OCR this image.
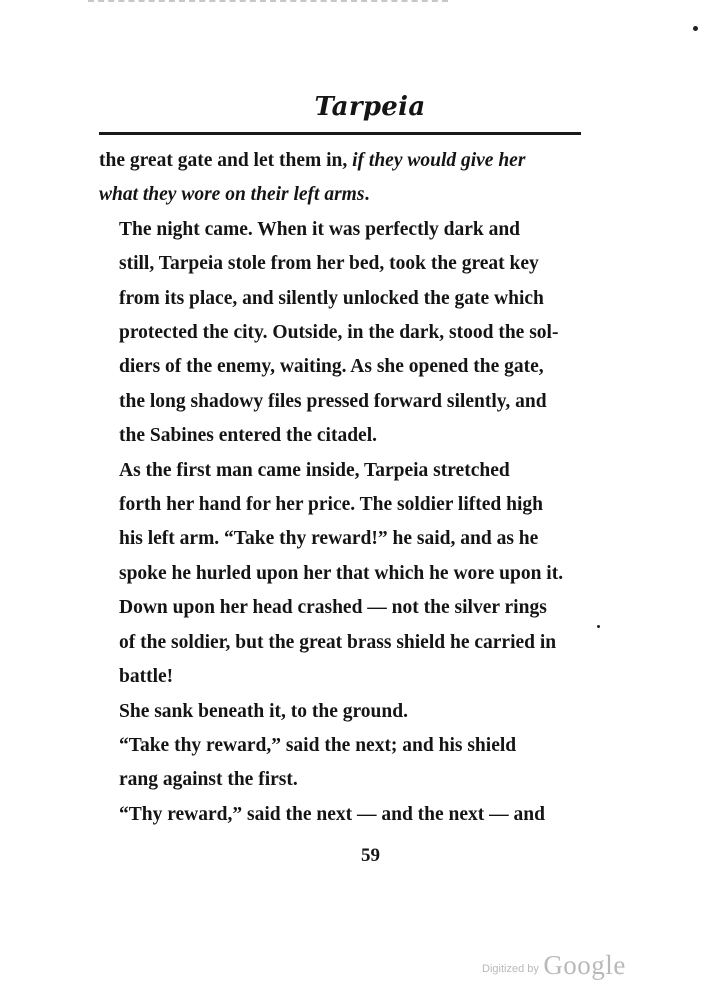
Tarpeia

the great gate and let them in, if they would give her
what they wore on their left arms.

The night came. When it was perfectly dark and
still, Tarpeia stole from her bed, took the great key
from its place, and silently unlocked the gate which
protected the city. Outside, in the dark, stood the sol-
diers of the enemy, waiting. As she opened the gate,
the long shadowy files pressed forward silently, and
the Sabines entered the citadel.

As the first man came inside, Tarpeia stretched
forth her hand for her price. The soldier lifted high
his left arm. “Take thy reward!” he said, and as he
spoke he hurled upon her that which he wore upon it.
Down upon her head crashed — not the silver rings
of the soldier, but the great brass shield he carried in
battle!

She sank beneath it, to the ground.

“Take thy reward,” said the next; and his shield
rang against the first.

“Thy reward,” said the next — and the next — and

59
Digitized by Google
